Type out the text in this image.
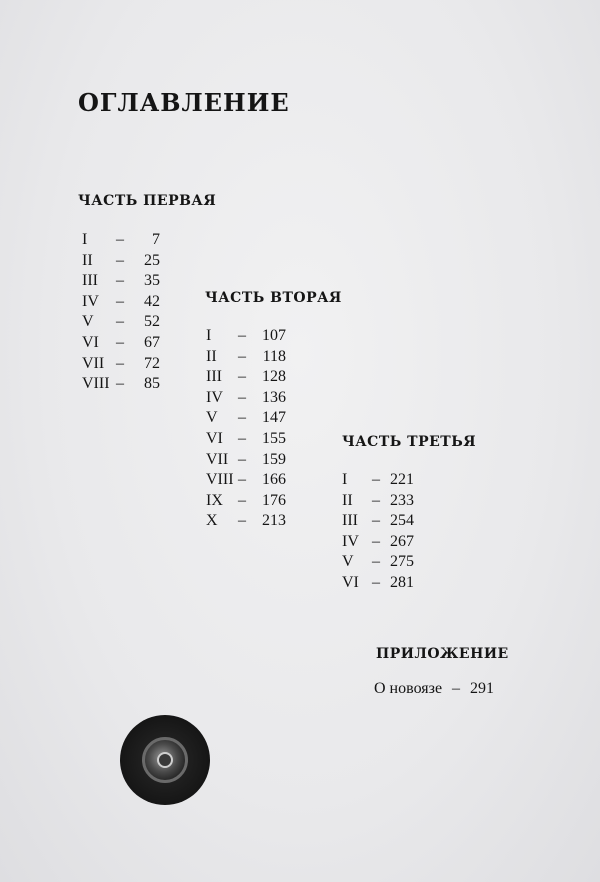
ОГЛАВЛЕНИЕ
ЧАСТЬ ПЕРВАЯ
I –	7
II –	25
III –	35
IV –	42
V –	52
VI –	67
VII –	72
VIII –	85
ЧАСТЬ ВТОРАЯ
I –	107
II –	118
III –	128
IV –	136
V –	147
VI –	155
VII –	159
VIII –	166
IX –	176
X –	213
ЧАСТЬ ТРЕТЬЯ
I – 221
II – 233
III – 254
IV – 267
V – 275
VI – 281
ПРИЛОЖЕНИЕ
О новоязе – 291
